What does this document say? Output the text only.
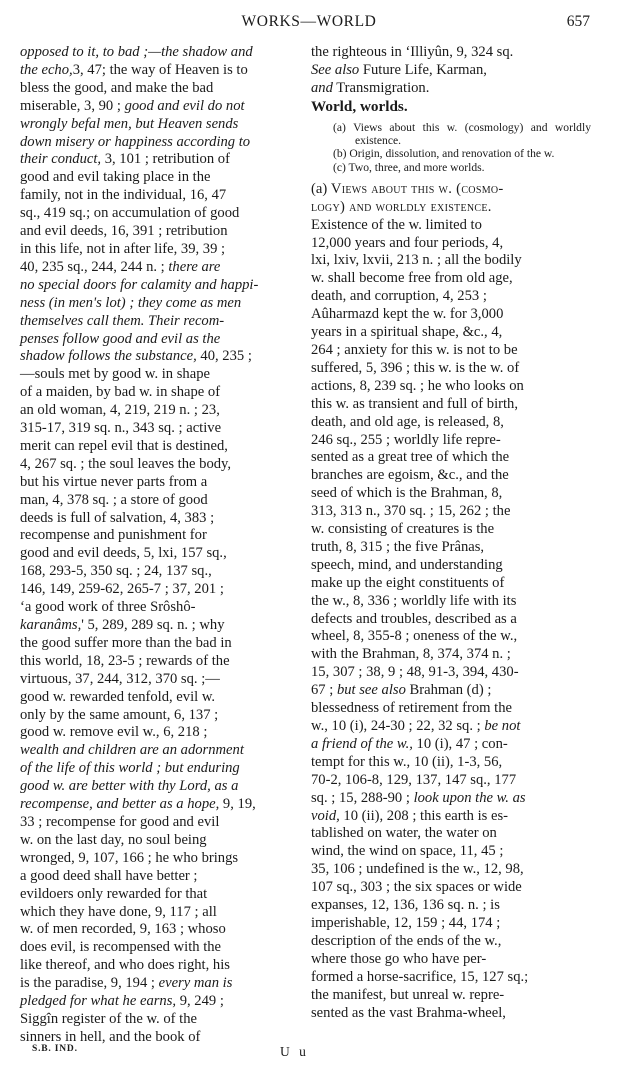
WORKS—WORLD	657
opposed to it, to bad ;—the shadow and
the echo,3, 47; the way of Heaven is to
bless the good, and make the bad
miserable, 3, 90 ; good and evil do not
wrongly befal men, but Heaven sends
down misery or happiness according to
their conduct, 3, 101 ; retribution of
good and evil taking place in the
family, not in the individual, 16, 47
sq., 419 sq.; on accumulation of good
and evil deeds, 16, 391 ; retribution
in this life, not in after life, 39, 39 ;
40, 235 sq., 244, 244 n. ; there are
no special doors for calamity and happi-
ness (in men's lot) ; they come as men
themselves call them. Their recom-
penses follow good and evil as the
shadow follows the substance, 40, 235 ;
—souls met by good w. in shape
of a maiden, by bad w. in shape of
an old woman, 4, 219, 219 n. ; 23,
315-17, 319 sq. n., 343 sq. ; active
merit can repel evil that is destined,
4, 267 sq. ; the soul leaves the body,
but his virtue never parts from a
man, 4, 378 sq. ; a store of good
deeds is full of salvation, 4, 383 ;
recompense and punishment for
good and evil deeds, 5, lxi, 157 sq.,
168, 293-5, 350 sq. ; 24, 137 sq.,
146, 149, 259-62, 265-7 ; 37, 201 ;
‘a good work of three Srôshô-
karanâms,' 5, 289, 289 sq. n. ; why
the good suffer more than the bad in
this world, 18, 23-5 ; rewards of the
virtuous, 37, 244, 312, 370 sq. ;—
good w. rewarded tenfold, evil w.
only by the same amount, 6, 137 ;
good w. remove evil w., 6, 218 ;
wealth and children are an adornment
of the life of this world ; but enduring
good w. are better with thy Lord, as a
recompense, and better as a hope, 9, 19,
33 ; recompense for good and evil
w. on the last day, no soul being
wronged, 9, 107, 166 ; he who brings
a good deed shall have better ;
evildoers only rewarded for that
which they have done, 9, 117 ; all
w. of men recorded, 9, 163 ; whoso
does evil, is recompensed with the
like thereof, and who does right, his
is the paradise, 9, 194 ; every man is
pledged for what he earns, 9, 249 ;
Siggîn register of the w. of the
sinners in hell, and the book of
the righteous in ‘Illiyûn, 9, 324 sq.
See also Future Life, Karman,
and Transmigration.
World, worlds.
(a) Views about this w. (cosmology) and worldly existence.
(b) Origin, dissolution, and renovation of the w.
(c) Two, three, and more worlds.
(a) Views about this w. (cosmo-
logy) and worldly existence.
Existence of the w. limited to
12,000 years and four periods, 4,
lxi, lxiv, lxvii, 213 n. ; all the bodily
w. shall become free from old age,
death, and corruption, 4, 253 ;
Aûharmazd kept the w. for 3,000
years in a spiritual shape, &c., 4,
264 ; anxiety for this w. is not to be
suffered, 5, 396 ; this w. is the w. of
actions, 8, 239 sq. ; he who looks on
this w. as transient and full of birth,
death, and old age, is released, 8,
246 sq., 255 ; worldly life repre-
sented as a great tree of which the
branches are egoism, &c., and the
seed of which is the Brahman, 8,
313, 313 n., 370 sq. ; 15, 262 ; the
w. consisting of creatures is the
truth, 8, 315 ; the five Prânas,
speech, mind, and understanding
make up the eight constituents of
the w., 8, 336 ; worldly life with its
defects and troubles, described as a
wheel, 8, 355-8 ; oneness of the w.,
with the Brahman, 8, 374, 374 n. ;
15, 307 ; 38, 9 ; 48, 91-3, 394, 430-
67 ; but see also Brahman (d) ;
blessedness of retirement from the
w., 10 (i), 24-30 ; 22, 32 sq. ; be not
a friend of the w., 10 (i), 47 ; con-
tempt for this w., 10 (ii), 1-3, 56,
70-2, 106-8, 129, 137, 147 sq., 177
sq. ; 15, 288-90 ; look upon the w. as
void, 10 (ii), 208 ; this earth is es-
tablished on water, the water on
wind, the wind on space, 11, 45 ;
35, 106 ; undefined is the w., 12, 98,
107 sq., 303 ; the six spaces or wide
expanses, 12, 136, 136 sq. n. ; is
imperishable, 12, 159 ; 44, 174 ;
description of the ends of the w.,
where those go who have per-
formed a horse-sacrifice, 15, 127 sq.;
the manifest, but unreal w. repre-
sented as the vast Brahma-wheel,
S.B. IND.	U u
